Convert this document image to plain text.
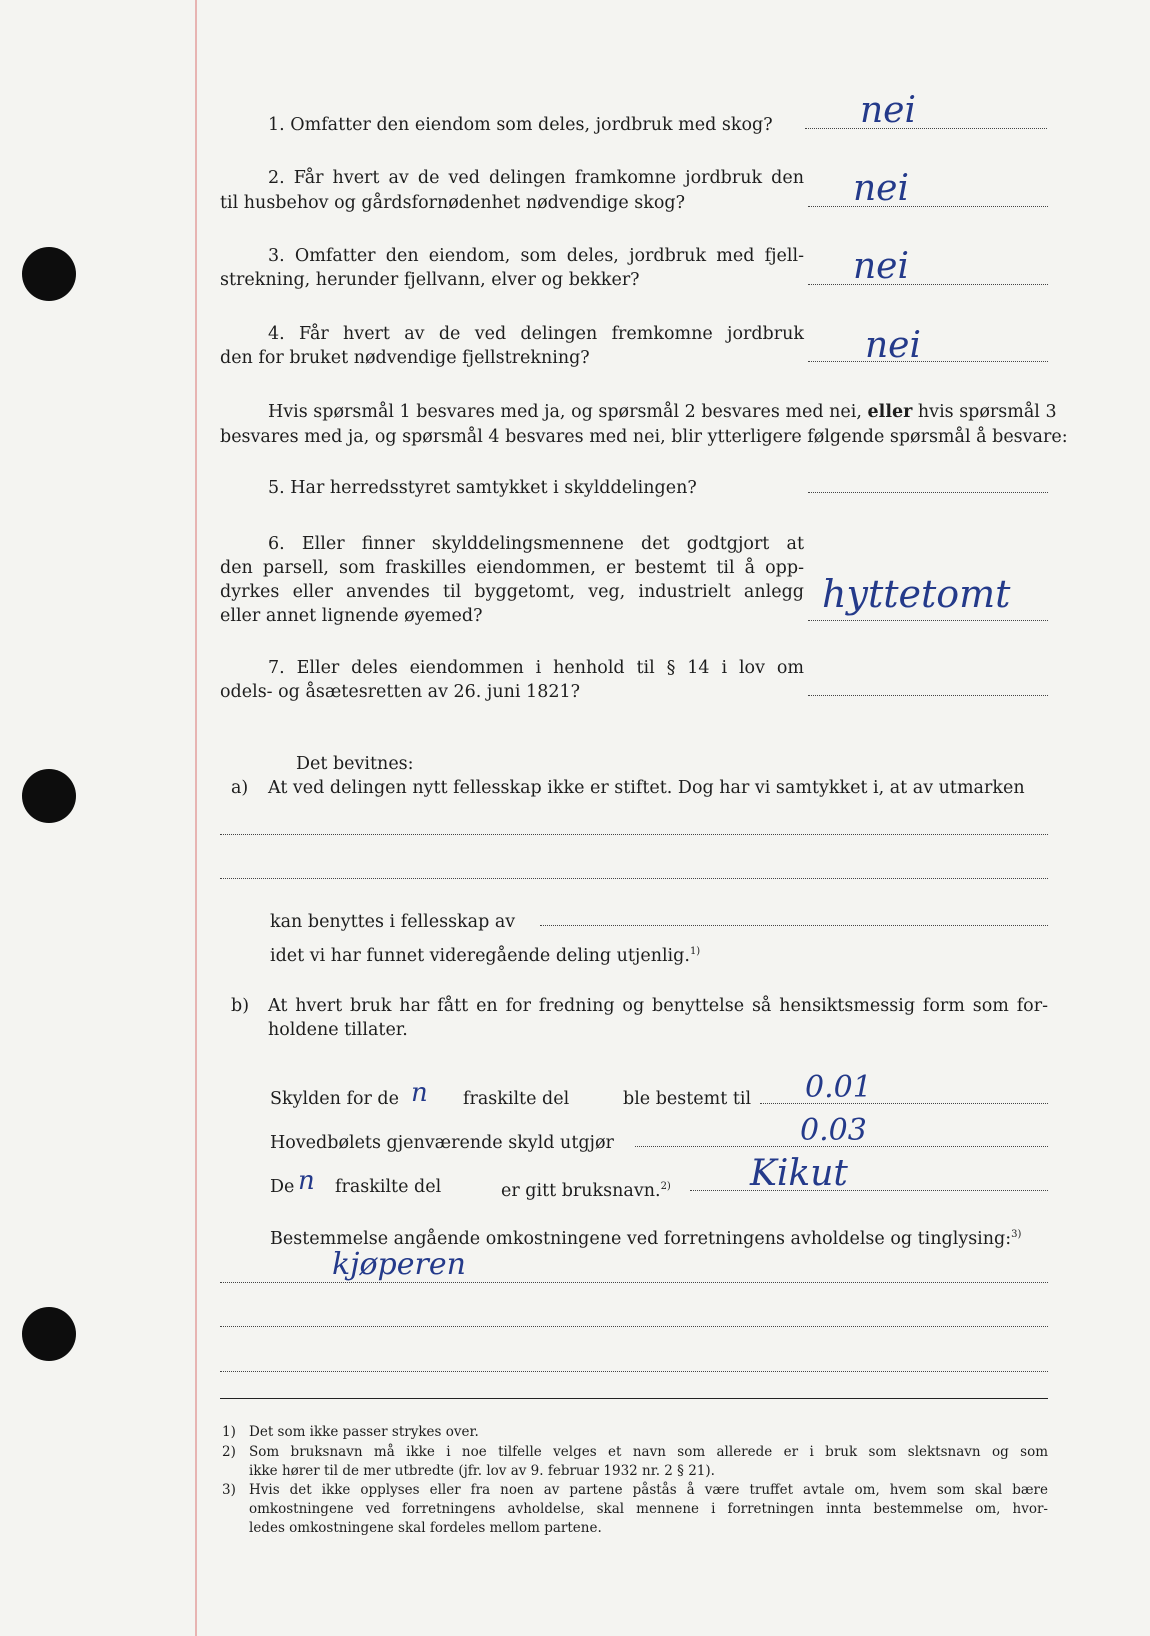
1. Omfatter den eiendom som deles, jordbruk med skog? nei
2. Får hvert av de ved delingen framkomne jordbruk den
til husbehov og gårdsfornødenhet nødvendige skog?	nei
3. Omfatter den eiendom, som deles, jordbruk med fjell-
strekning, herunder fjellvann, elver og bekker?	nei
4. Får hvert av de ved delingen fremkomne jordbruk
den for bruket nødvendige fjellstrekning?	nei
Hvis spørsmål 1 besvares med ja, og spørsmål 2 besvares med nei, eller hvis spørsmål 3
besvares med ja, og spørsmål 4 besvares med nei, blir ytterligere følgende spørsmål å besvare:
5. Har herredsstyret samtykket i skylddelingen?
6. Eller finner skylddelingsmennene det godtgjort at
den parsell, som fraskilles eiendommen, er bestemt til å opp-
dyrkes eller anvendes til byggetomt, veg, industrielt anlegg
eller annet lignende øyemed?	hyttetomt
7. Eller deles eiendommen i henhold til § 14 i lov om
odels- og åsætesretten av 26. juni 1821?
Det bevitnes:
a) At ved delingen nytt fellesskap ikke er stiftet. Dog har vi samtykket i, at av utmarken
kan benyttes i fellesskap av
idet vi har funnet videregående deling utjenlig.$^{1)}$
b) At hvert bruk har fått en for fredning og benyttelse så hensiktsmessig form som for-
holdene tillater.
Skylden for de n fraskilte del	ble bestemt til 0.01
Hovedbølets gjenværende skyld utgjør	0.03
De n fraskilte del	er gitt bruksnavn.$^{2)}$ Kikut
Bestemmelse angående omkostningene ved forretningens avholdelse og tinglysing:$^{3)}$
kjøperen
1) Det som ikke passer strykes over.
2) Som bruksnavn må ikke i noe tilfelle velges et navn som allerede er i bruk som slektsnavn og som
ikke hører til de mer utbredte (jfr. lov av 9. februar 1932 nr. 2 § 21).
3) Hvis det ikke opplyses eller fra noen av partene påstås å være truffet avtale om, hvem som skal bære
omkostningene ved forretningens avholdelse, skal mennene i forretningen innta bestemmelse om, hvor-
ledes omkostningene skal fordeles mellom partene.
